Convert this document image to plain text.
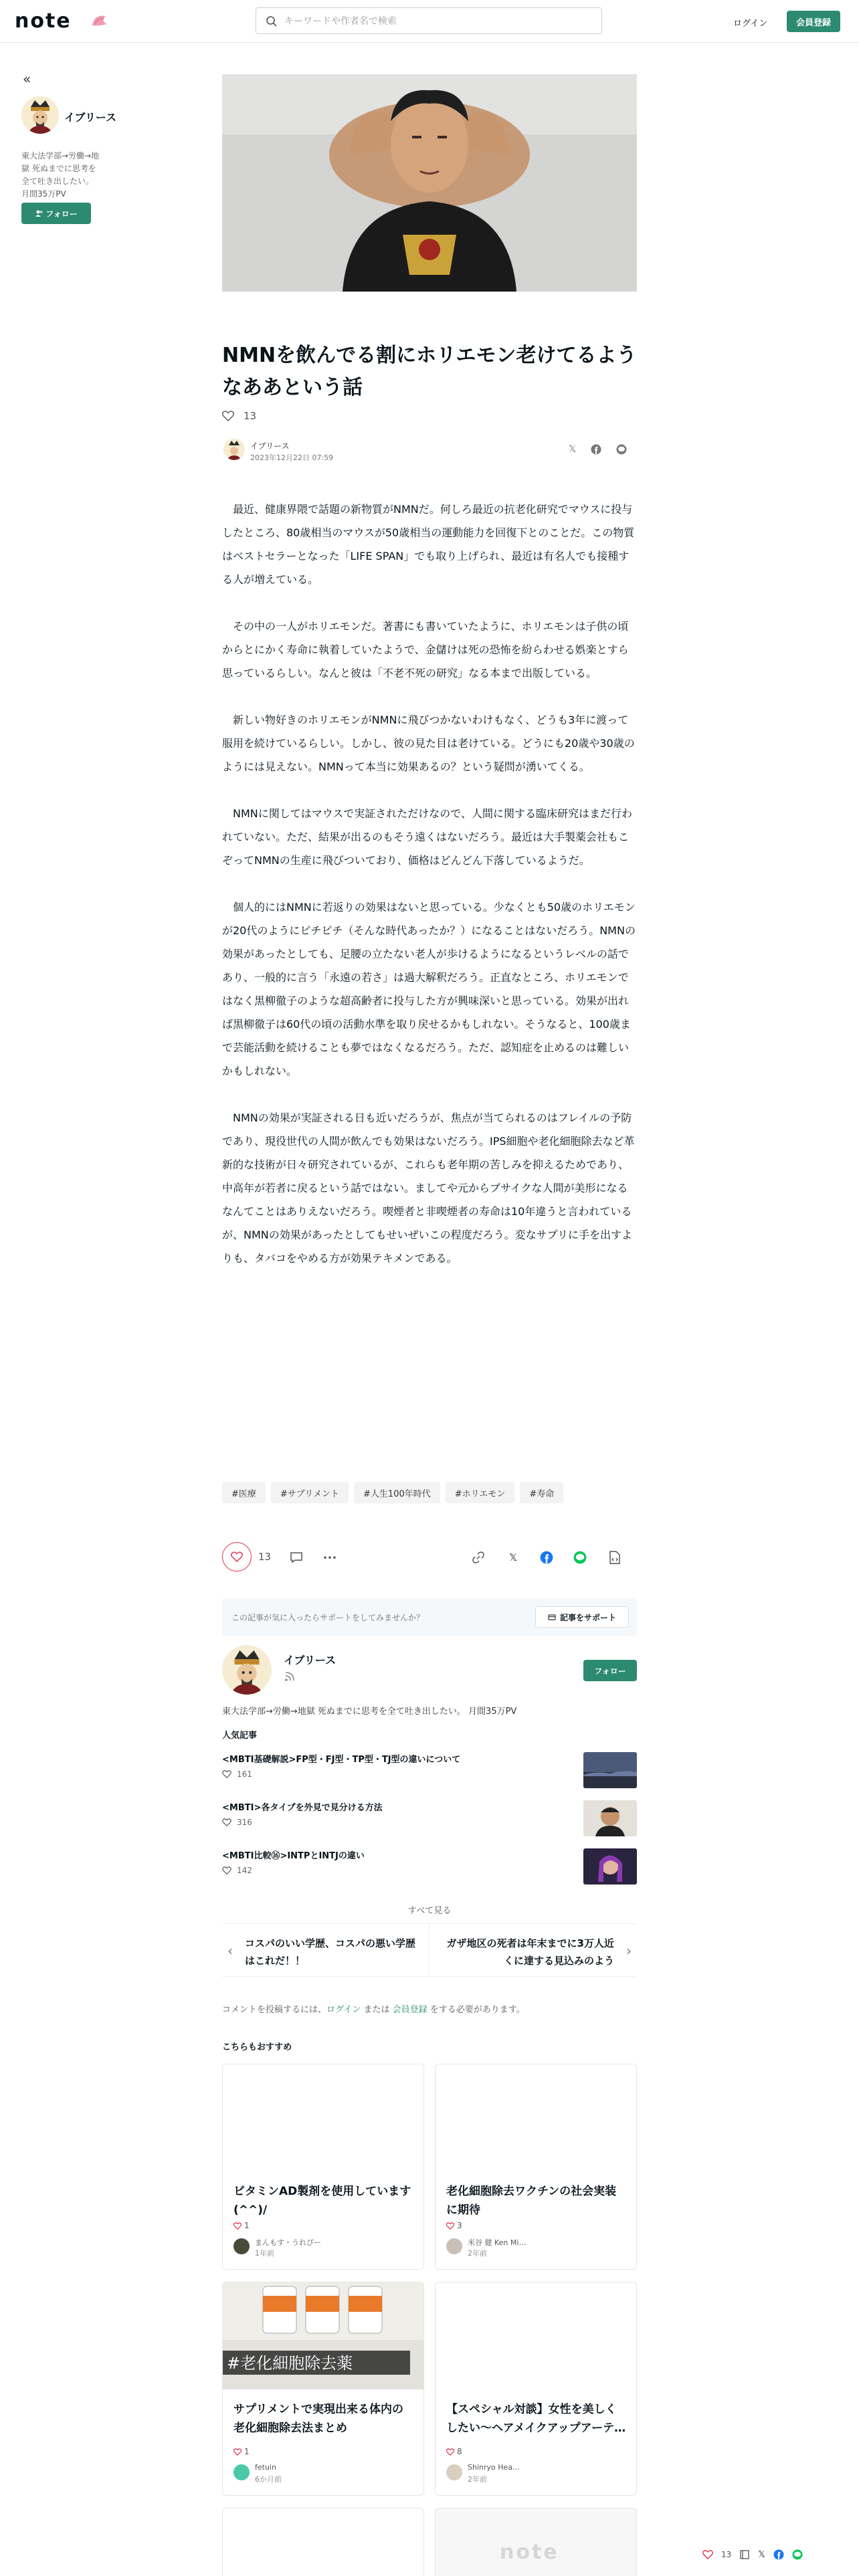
note
キーワードや作者名で検索	ログイン	会員登録
«
イブリース
東大法学部→労働→地獄 死ぬまでに思考を全て吐き出したい。 月間35万PV
フォロー
NMNを飲んでる割にホリエモン老けてるようなああという話
13
イブリース
2023年12月22日 07:59
𝕏

最近、健康界隈で話題の新物質がNMNだ。何しろ最近の抗老化研究でマウスに投与したところ、80歳相当のマウスが50歳相当の運動能力を回復下とのことだ。この物質はベストセラーとなった「LIFE SPAN」でも取り上げられ、最近は有名人でも接種する人が増えている。

その中の一人がホリエモンだ。著書にも書いていたように、ホリエモンは子供の頃からとにかく寿命に執着していたようで、金儲けは死の恐怖を紛らわせる娯楽とすら思っているらしい。なんと彼は「不老不死の研究」なる本まで出版している。

新しい物好きのホリエモンがNMNに飛びつかないわけもなく、どうも3年に渡って服用を続けているらしい。しかし、彼の見た目は老けている。どうにも20歳や30歳のようには見えない。NMNって本当に効果あるの？という疑問が湧いてくる。

NMNに関してはマウスで実証されただけなので、人間に関する臨床研究はまだ行われていない。ただ、結果が出るのもそう遠くはないだろう。最近は大手製薬会社もこぞってNMNの生産に飛びついており、価格はどんどん下落しているようだ。

個人的にはNMNに若返りの効果はないと思っている。少なくとも50歳のホリエモンが20代のようにピチピチ（そんな時代あったか？）になることはないだろう。NMNの効果があったとしても、足腰の立たない老人が歩けるようになるというレベルの話であり、一般的に言う「永遠の若さ」は過大解釈だろう。正直なところ、ホリエモンではなく黒柳徹子のような超高齢者に投与した方が興味深いと思っている。効果が出れば黒柳徹子は60代の頃の活動水準を取り戻せるかもしれない。そうなると、100歳まで芸能活動を続けることも夢ではなくなるだろう。ただ、認知症を止めるのは難しいかもしれない。

NMNの効果が実証される日も近いだろうが、焦点が当てられるのはフレイルの予防であり、現役世代の人間が飲んでも効果はないだろう。IPS細胞や老化細胞除去など革新的な技術が日々研究されているが、これらも老年期の苦しみを抑えるためであり、中高年が若者に戻るという話ではない。ましてや元からブサイクな人間が美形になるなんてことはありえないだろう。喫煙者と非喫煙者の寿命は10年違うと言われているが、NMNの効果があったとしてもせいぜいこの程度だろう。変なサプリに手を出すよりも、タバコをやめる方が効果テキメンである。

#医療	#サプリメント	#人生100年時代	#ホリエモン	#寿命
13	𝕏
この記事が気に入ったらサポートをしてみませんか？	記事をサポート
イブリース
フォロー
東大法学部→労働→地獄 死ぬまでに思考を全て吐き出したい。 月間35万PV
人気記事
<MBTI基礎解説>FP型・FJ型・TP型・TJ型の違いについて
161
<MBTI>各タイプを外見で見分ける方法
316
<MBTI比較⑯>INTPとINTJの違い
142
すべて見る
‹ コスパのいい学歴、コスパの悪い学歴はこれだ！！
ガザ地区の死者は年末までに3万人近くに達する見込みのよう
›
コメントを投稿するには、ログイン または 会員登録 をする必要があります。
こちらもおすすめ
ビタミンAD製剤を使用しています(^^)/
1
まんもす・うれぴー
1年前
老化細胞除去ワクチンの社会実装に期待
3
米谷 健 Ken Mi…
2年前
#老化細胞除去薬
サプリメントで実現出来る体内の老化細胞除去法まとめ
1
fetuin
6か月前
【スペシャル対談】女性を美しくしたい〜ヘアメイクアップアーテ…
8
Shinryo Hea…
2年前
note	13	𝕏
